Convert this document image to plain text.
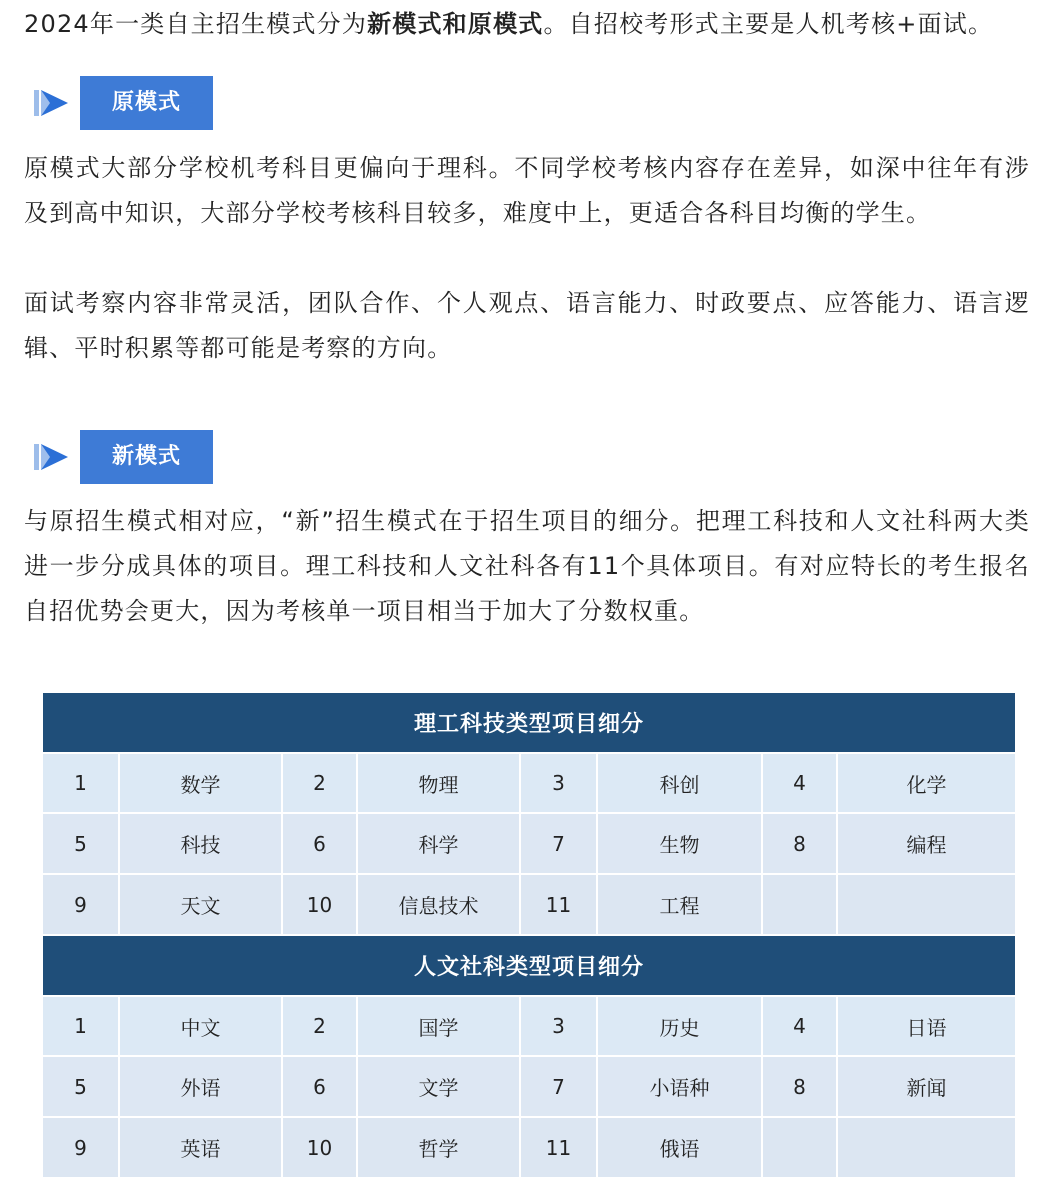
2024年一类自主招生模式分为新模式和原模式。自招校考形式主要是人机考核+面试。

原模式

原模式大部分学校机考科目更偏向于理科。不同学校考核内容存在差异，如深中往年有涉及到高中知识，大部分学校考核科目较多，难度中上，更适合各科目均衡的学生。

面试考察内容非常灵活，团队合作、个人观点、语言能力、时政要点、应答能力、语言逻辑、平时积累等都可能是考察的方向。

新模式

与原招生模式相对应，“新”招生模式在于招生项目的细分。把理工科技和人文社科两大类进一步分成具体的项目。理工科技和人文社科各有11个具体项目。有对应特长的考生报名自招优势会更大，因为考核单一项目相当于加大了分数权重。

理工科技类型项目细分							
1	数学	2	物理	3	科创	4	化学
5	科技	6	科学	7	生物	8	编程
9	天文	10	信息技术	11	工程		
人文社科类型项目细分							
1	中文	2	国学	3	历史	4	日语
5	外语	6	文学	7	小语种	8	新闻
9	英语	10	哲学	11	俄语		
